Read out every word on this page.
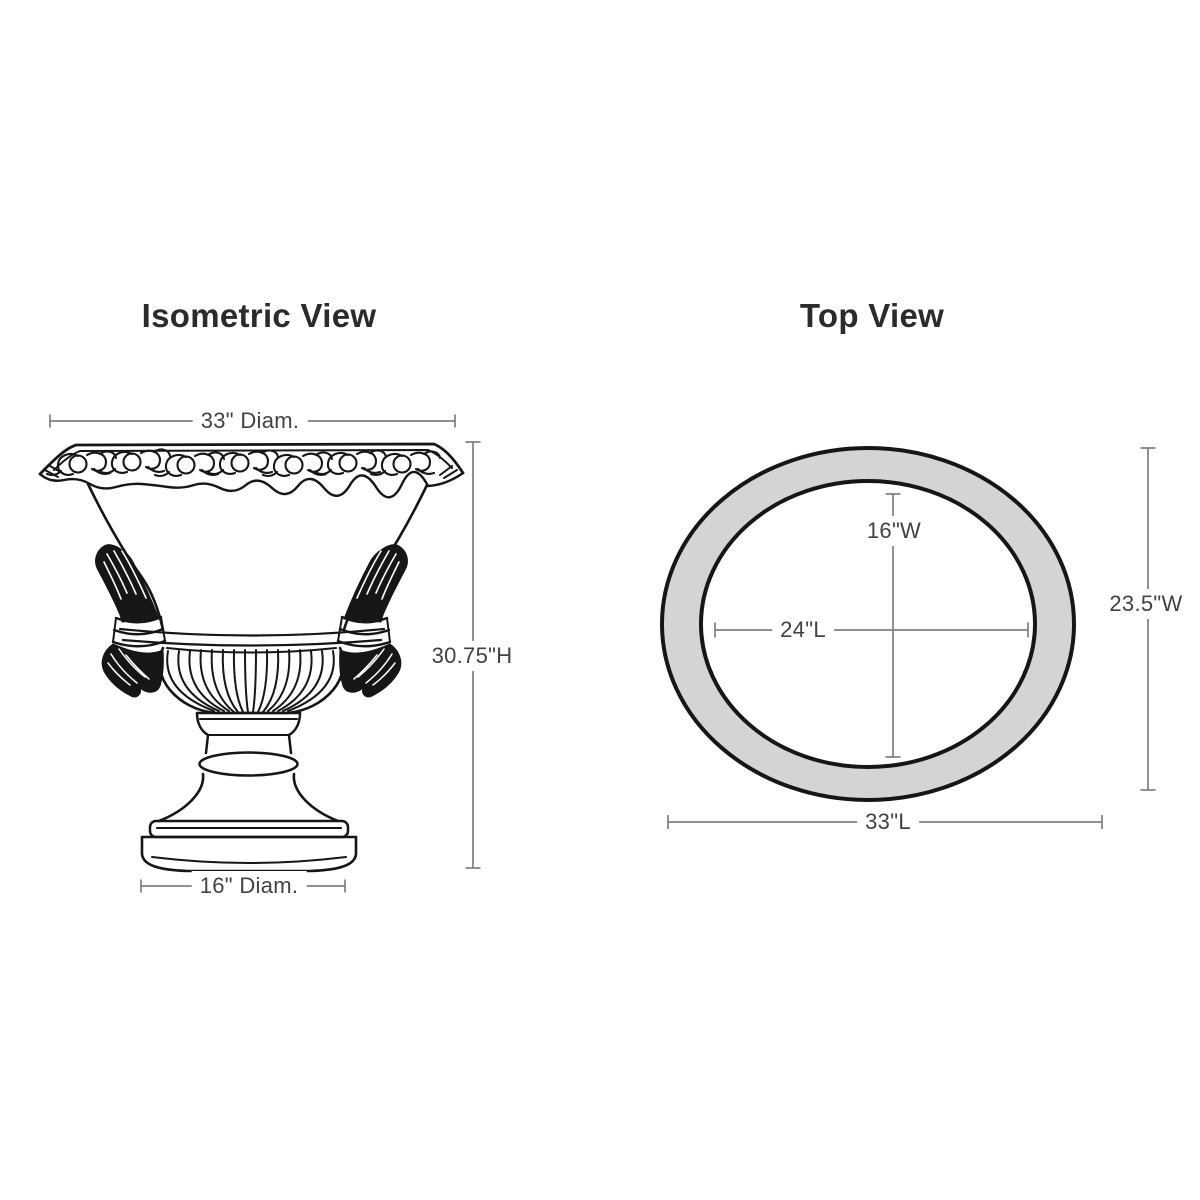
Isometric View	Top View
33" Diam.
30.75"H
16" Diam.
16"W
24"L
23.5"W
33"L
